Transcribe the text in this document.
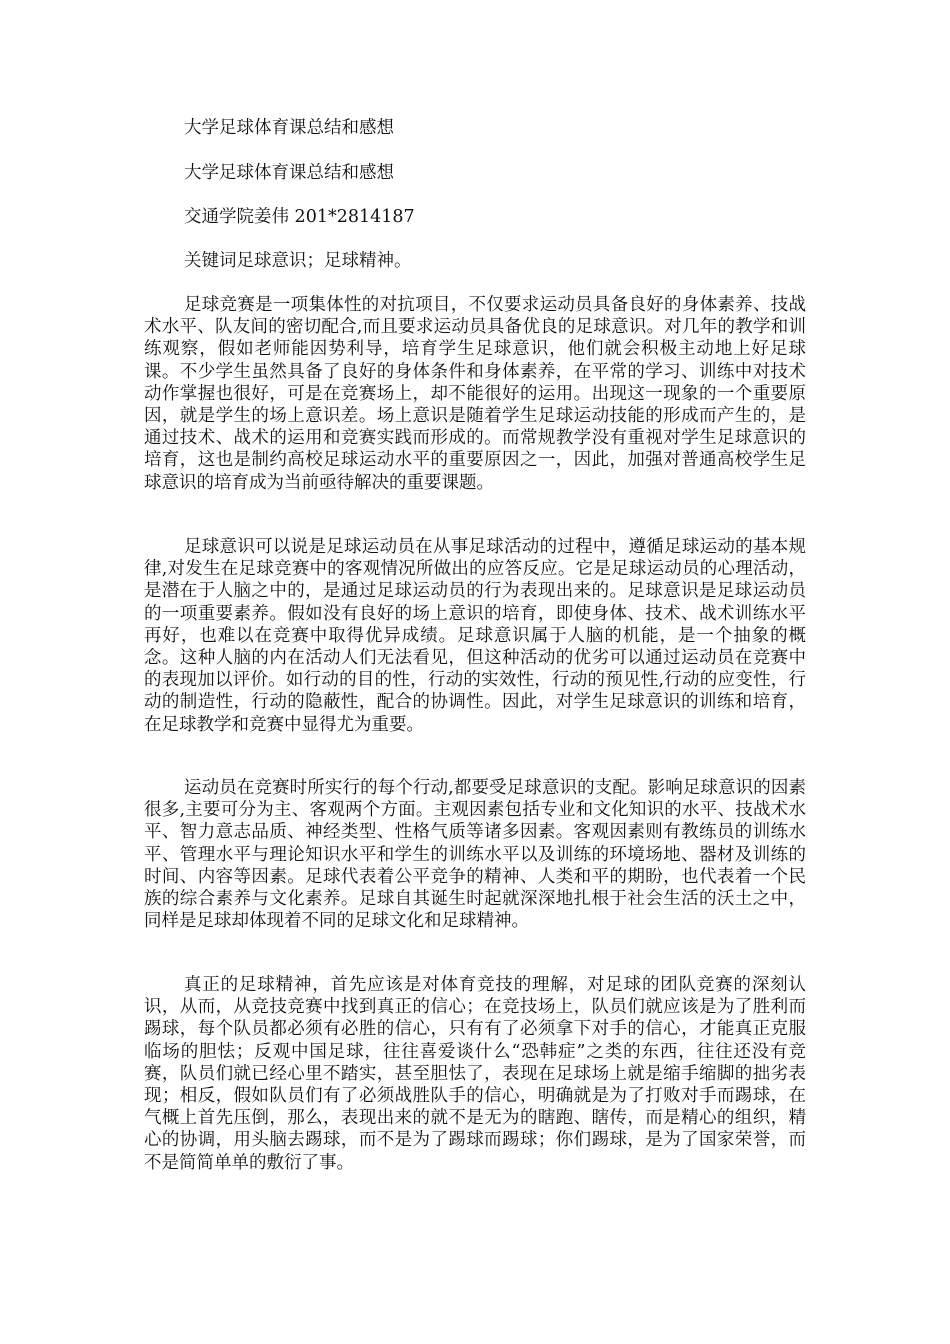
大学足球体育课总结和感想
大学足球体育课总结和感想
交通学院姜伟 201*2814187
关键词足球意识；足球精神。

足球竞赛是一项集体性的对抗项目，不仅要求运动员具备良好的身体素养、技战术水平、队友间的密切配合,而且要求运动员具备优良的足球意识。对几年的教学和训练观察，假如老师能因势利导，培育学生足球意识，他们就会积极主动地上好足球课。不少学生虽然具备了良好的身体条件和身体素养，在平常的学习、训练中对技术动作掌握也很好，可是在竞赛场上，却不能很好的运用。出现这一现象的一个重要原因，就是学生的场上意识差。场上意识是随着学生足球运动技能的形成而产生的，是通过技术、战术的运用和竞赛实践而形成的。而常规教学没有重视对学生足球意识的培育，这也是制约高校足球运动水平的重要原因之一，因此，加强对普通高校学生足球意识的培育成为当前亟待解决的重要课题。

足球意识可以说是足球运动员在从事足球活动的过程中，遵循足球运动的基本规律,对发生在足球竞赛中的客观情况所做出的应答反应。它是足球运动员的心理活动，是潜在于人脑之中的，是通过足球运动员的行为表现出来的。足球意识是足球运动员的一项重要素养。假如没有良好的场上意识的培育，即使身体、技术、战术训练水平再好，也难以在竞赛中取得优异成绩。足球意识属于人脑的机能，是一个抽象的概念。这种人脑的内在活动人们无法看见，但这种活动的优劣可以通过运动员在竞赛中的表现加以评价。如行动的目的性，行动的实效性，行动的预见性,行动的应变性，行动的制造性，行动的隐蔽性，配合的协调性。因此，对学生足球意识的训练和培育，在足球教学和竞赛中显得尤为重要。

运动员在竞赛时所实行的每个行动,都要受足球意识的支配。影响足球意识的因素很多,主要可分为主、客观两个方面。主观因素包括专业和文化知识的水平、技战术水平、智力意志品质、神经类型、性格气质等诸多因素。客观因素则有教练员的训练水平、管理水平与理论知识水平和学生的训练水平以及训练的环境场地、器材及训练的时间、内容等因素。足球代表着公平竞争的精神、人类和平的期盼，也代表着一个民族的综合素养与文化素养。足球自其诞生时起就深深地扎根于社会生活的沃土之中，同样是足球却体现着不同的足球文化和足球精神。

真正的足球精神，首先应该是对体育竞技的理解，对足球的团队竞赛的深刻认识，从而，从竞技竞赛中找到真正的信心；在竞技场上，队员们就应该是为了胜利而踢球，每个队员都必须有必胜的信心，只有有了必须拿下对手的信心，才能真正克服临场的胆怯；反观中国足球，往往喜爱谈什么“恐韩症”之类的东西，往往还没有竞赛，队员们就已经心里不踏实，甚至胆怯了，表现在足球场上就是缩手缩脚的拙劣表现；相反，假如队员们有了必须战胜队手的信心，明确就是为了打败对手而踢球，在气概上首先压倒，那么，表现出来的就不是无为的瞎跑、瞎传，而是精心的组织，精心的协调，用头脑去踢球，而不是为了踢球而踢球；你们踢球，是为了国家荣誉，而不是简简单单的敷衍了事。
